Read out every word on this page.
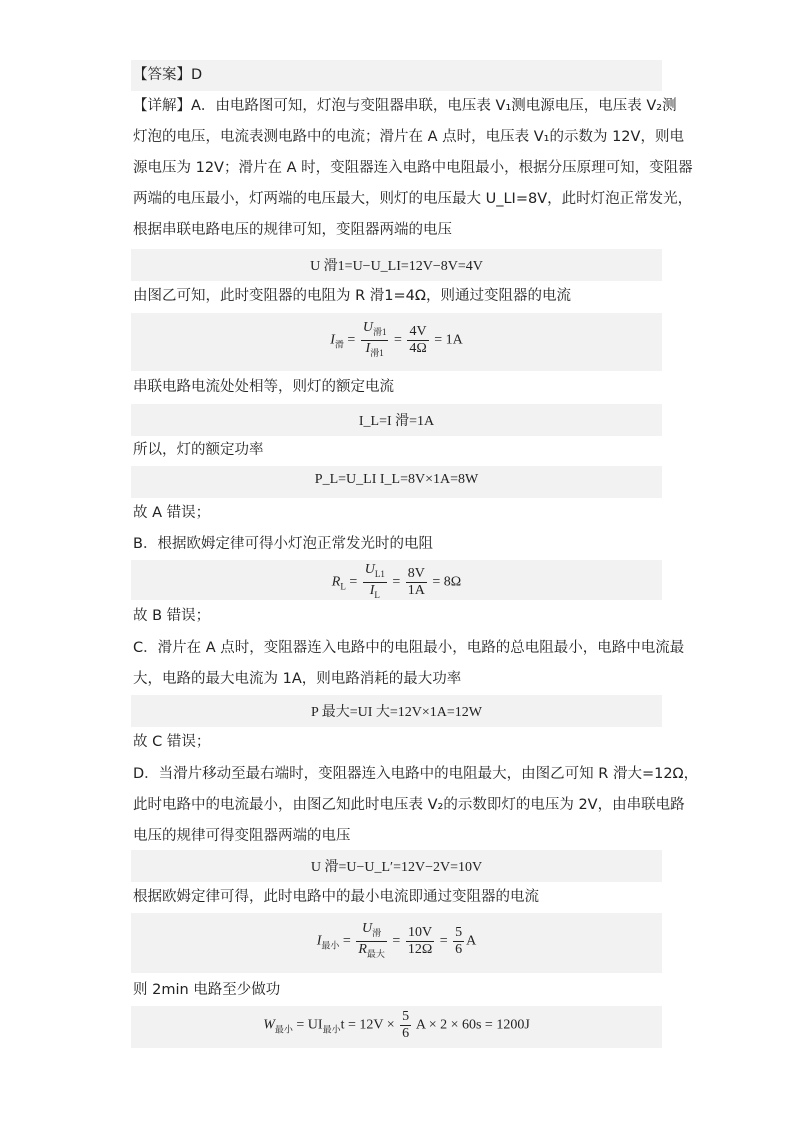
【答案】D
【详解】A．由电路图可知，灯泡与变阻器串联，电压表 V₁测电源电压，电压表 V₂测
灯泡的电压，电流表测电路中的电流；滑片在 A 点时，电压表 V₁的示数为 12V，则电
源电压为 12V；滑片在 A 时，变阻器连入电路中电阻最小，根据分压原理可知，变阻器
两端的电压最小，灯两端的电压最大，则灯的电压最大 U_LI=8V，此时灯泡正常发光，
根据串联电路电压的规律可知，变阻器两端的电压
U 滑1=U−U_LI=12V−8V=4V
由图乙可知，此时变阻器的电阻为 R 滑1=4Ω，则通过变阻器的电流
$I_滑 = \frac{U_{滑1}}{I_{滑1}} = \frac{4V}{4\Omega} = 1A$
串联电路电流处处相等，则灯的额定电流
I_L=I 滑=1A
所以，灯的额定功率
P_L=U_LI I_L=8V×1A=8W
故 A 错误；
B．根据欧姆定律可得小灯泡正常发光时的电阻
$R_L = \frac{U_{L1}}{I_L} = \frac{8V}{1A} = 8\Omega$
故 B 错误；
C．滑片在 A 点时，变阻器连入电路中的电阻最小，电路的总电阻最小，电路中电流最
大，电路的最大电流为 1A，则电路消耗的最大功率
P 最大=UI 大=12V×1A=12W
故 C 错误；
D．当滑片移动至最右端时，变阻器连入电路中的电阻最大，由图乙可知 R 滑大=12Ω，
此时电路中的电流最小，由图乙知此时电压表 V₂的示数即灯的电压为 2V，由串联电路
电压的规律可得变阻器两端的电压
U 滑=U−U_L′=12V−2V=10V
根据欧姆定律可得，此时电路中的最小电流即通过变阻器的电流
$I_{最小} = \frac{U_滑}{R_{最大}} = \frac{10V}{12\Omega} = \frac{5}{6}$ A
则 2min 电路至少做功
$W_{最小} = UI_{最小}t = 12V \times \frac{5}{6}$ A × 2 × 60s = 1200J
